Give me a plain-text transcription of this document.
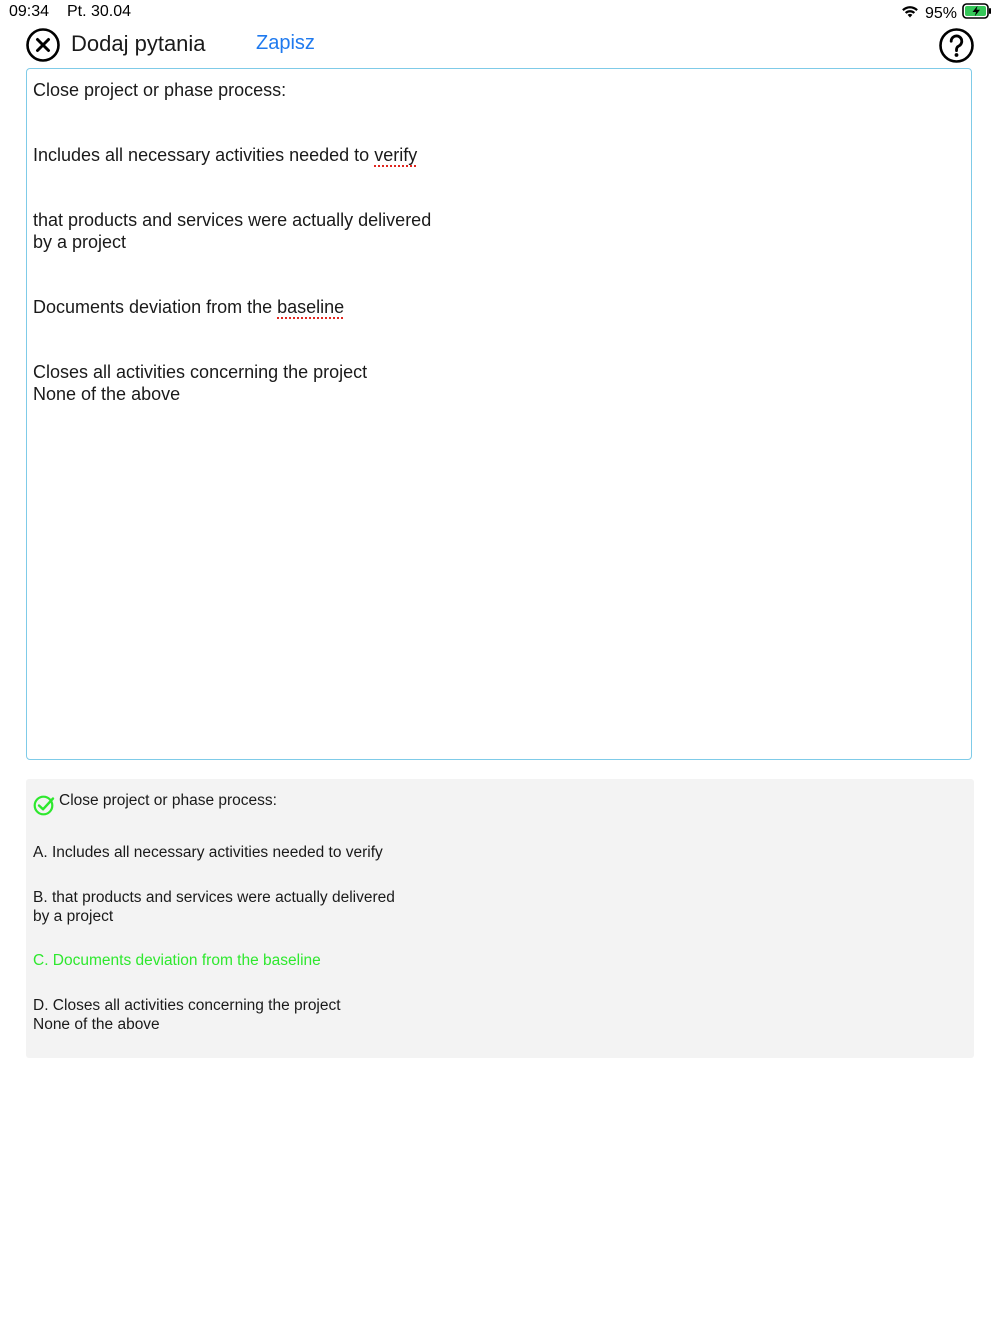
09:34 Pt. 30.04	95%
Dodaj pytania	Zapisz

Close project or phase process:

Includes all necessary activities needed to verify

that products and services were actually delivered
by a project

Documents deviation from the baseline

Closes all activities concerning the project
None of the above

Close project or phase process:
A. Includes all necessary activities needed to verify
B. that products and services were actually delivered
by a project
C. Documents deviation from the baseline
D. Closes all activities concerning the project
None of the above
